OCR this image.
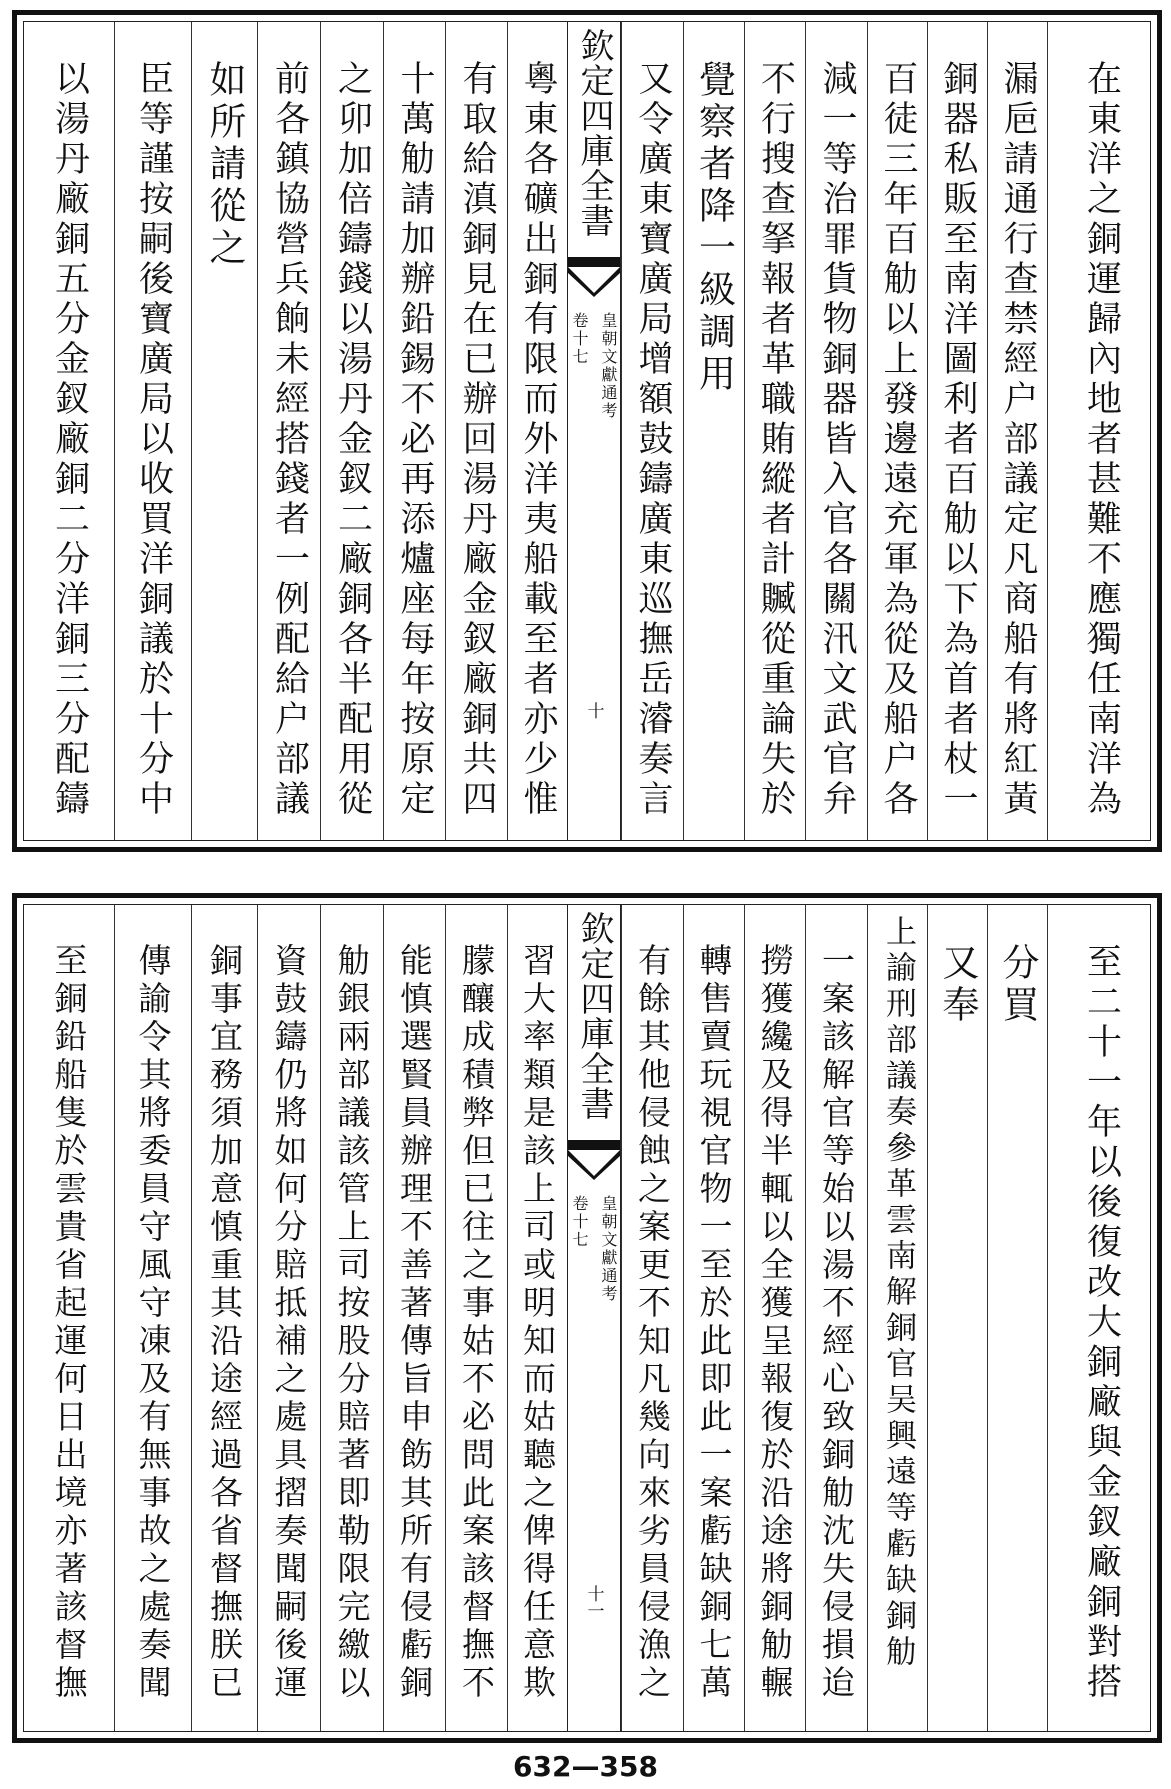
在東洋之銅運歸內地者甚難不應獨任南洋為
漏巵請通行查禁經户部議定凡商船有將紅黃
銅器私販至南洋圖利者百觔以下為首者杖一
百徒三年百觔以上發邊遠充軍為從及船户各
減一等治罪貨物銅器皆入官各關汛文武官弁
不行搜查拏報者革職賄縱者計贓從重論失於
覺察者降一級調用
又令廣東寶廣局增額鼓鑄廣東巡撫岳濬奏言
欽定四庫全書
皇朝文獻通考
卷十七
十
粵東各礦出銅有限而外洋夷船載至者亦少惟
有取給滇銅見在已辦回湯丹廠金釵廠銅共四
十萬觔請加辦鉛錫不必再添爐座每年按原定
之卯加倍鑄錢以湯丹金釵二廠銅各半配用從
前各鎮協營兵餉未經搭錢者一例配給户部議
如所請從之
臣等謹按嗣後寶廣局以收買洋銅議於十分中
以湯丹廠銅五分金釵廠銅二分洋銅三分配鑄
至二十一年以後復改大銅廠與金釵廠銅對搭
分買
又奉
上諭刑部議奏參革雲南解銅官吴興遠等虧缺銅觔
一案該解官等始以湯不經心致銅觔沈失侵損迨
撈獲纔及得半輒以全獲呈報復於沿途將銅觔輾
轉售賣玩視官物一至於此即此一案虧缺銅七萬
有餘其他侵蝕之案更不知凡幾向來劣員侵漁之
欽定四庫全書
皇朝文獻通考
卷十七
十一
習大率類是該上司或明知而姑聽之俾得任意欺
朦釀成積弊但已往之事姑不必問此案該督撫不
能慎選賢員辦理不善著傳旨申飭其所有侵虧銅
觔銀兩部議該管上司按股分賠著即勒限完繳以
資鼓鑄仍將如何分賠抵補之處具摺奏聞嗣後運
銅事宜務須加意慎重其沿途經過各省督撫朕已
傳諭令其將委員守風守凍及有無事故之處奏聞
至銅鉛船隻於雲貴省起運何日出境亦著該督撫
632—358
